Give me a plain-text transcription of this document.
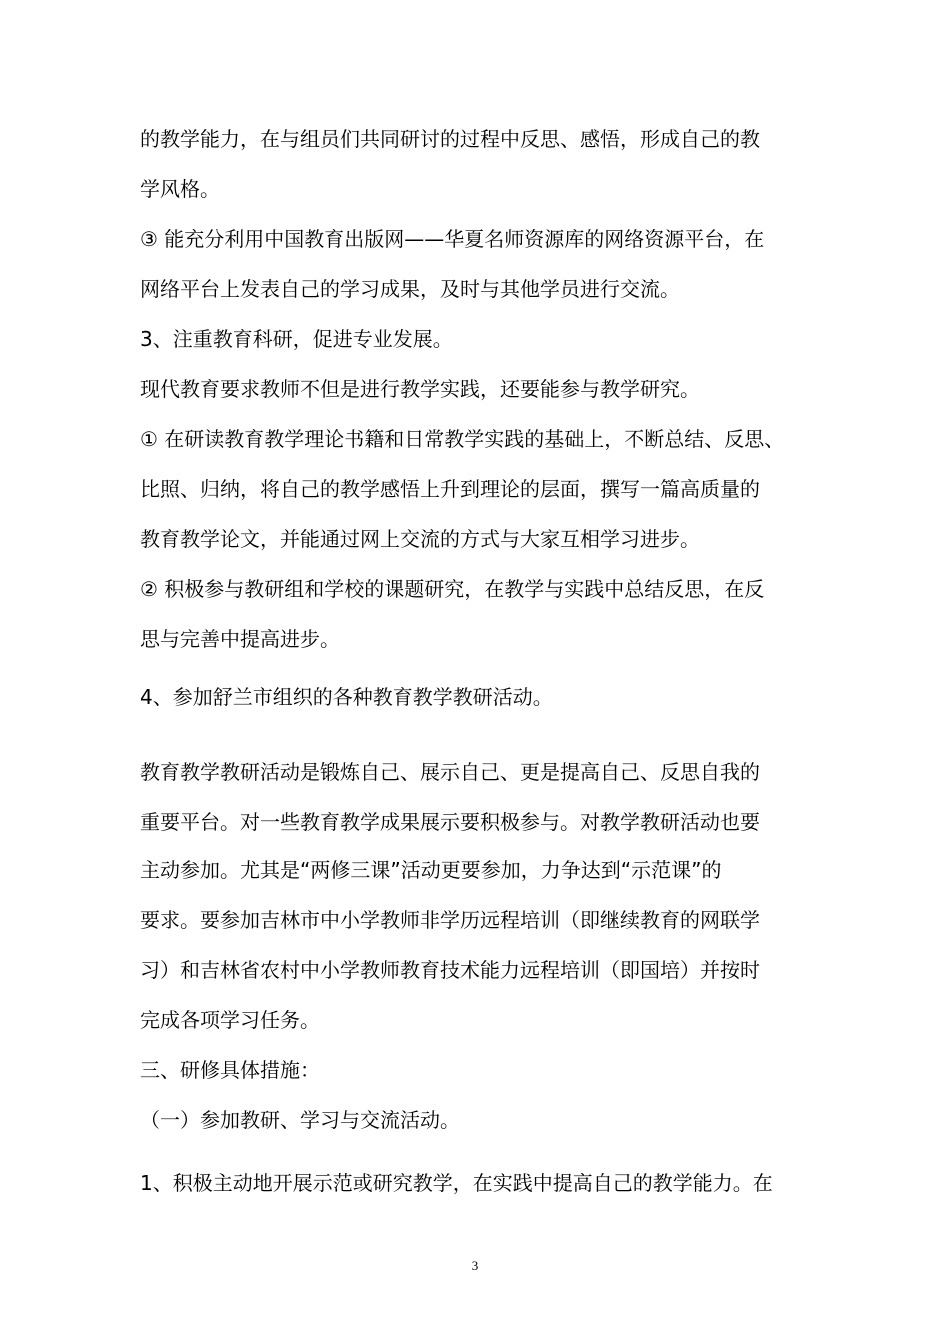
的教学能力，在与组员们共同研讨的过程中反思、感悟，形成自己的教
学风格。
③ 能充分利用中国教育出版网——华夏名师资源库的网络资源平台，在
网络平台上发表自己的学习成果，及时与其他学员进行交流。
3、注重教育科研，促进专业发展。
现代教育要求教师不但是进行教学实践，还要能参与教学研究。
① 在研读教育教学理论书籍和日常教学实践的基础上，不断总结、反思、
比照、归纳，将自己的教学感悟上升到理论的层面，撰写一篇高质量的
教育教学论文，并能通过网上交流的方式与大家互相学习进步。
② 积极参与教研组和学校的课题研究，在教学与实践中总结反思，在反
思与完善中提高进步。
4、参加舒兰市组织的各种教育教学教研活动。
教育教学教研活动是锻炼自己、展示自己、更是提高自己、反思自我的
重要平台。对一些教育教学成果展示要积极参与。对教学教研活动也要
主动参加。尤其是“两修三课”活动更要参加，力争达到“示范课”的
要求。要参加吉林市中小学教师非学历远程培训（即继续教育的网联学
习）和吉林省农村中小学教师教育技术能力远程培训（即国培）并按时
完成各项学习任务。
三、研修具体措施：
（一）参加教研、学习与交流活动。
1、积极主动地开展示范或研究教学，在实践中提高自己的教学能力。在
3
